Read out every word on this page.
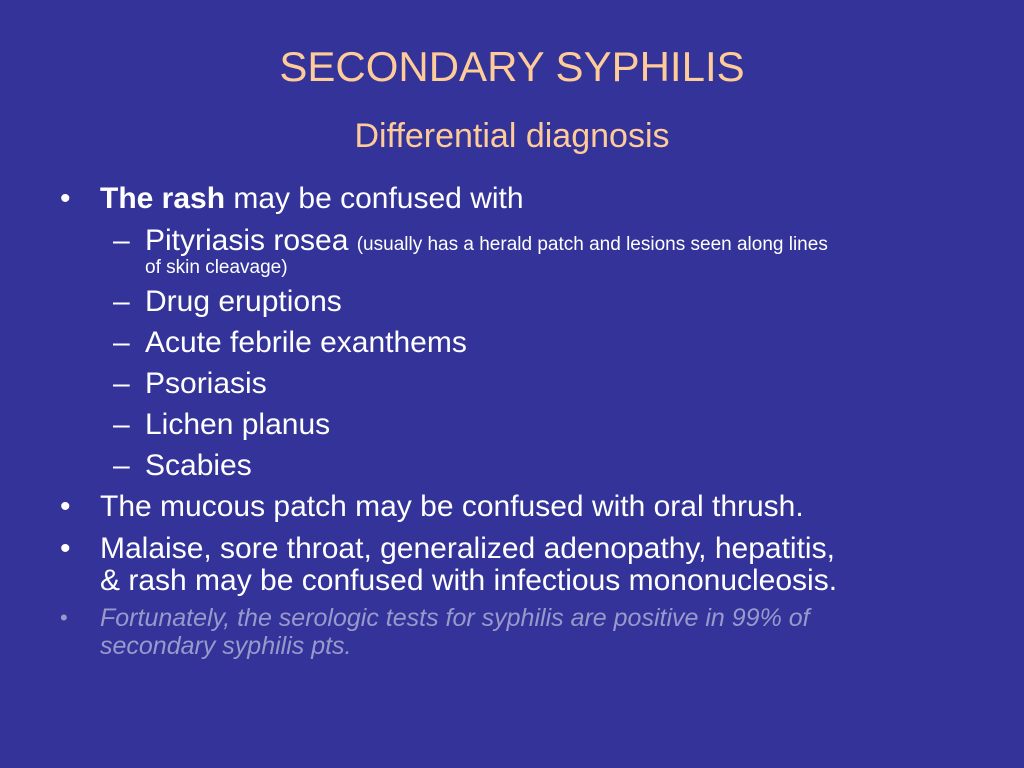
SECONDARY SYPHILIS
Differential diagnosis
• The rash may be confused with
– Pityriasis rosea (usually has a herald patch and lesions seen along lines
of skin cleavage)
– Drug eruptions
– Acute febrile exanthems
– Psoriasis
– Lichen planus
– Scabies
• The mucous patch may be confused with oral thrush.
• Malaise, sore throat, generalized adenopathy, hepatitis,
& rash may be confused with infectious mononucleosis.
• Fortunately, the serologic tests for syphilis are positive in 99% of
secondary syphilis pts.
